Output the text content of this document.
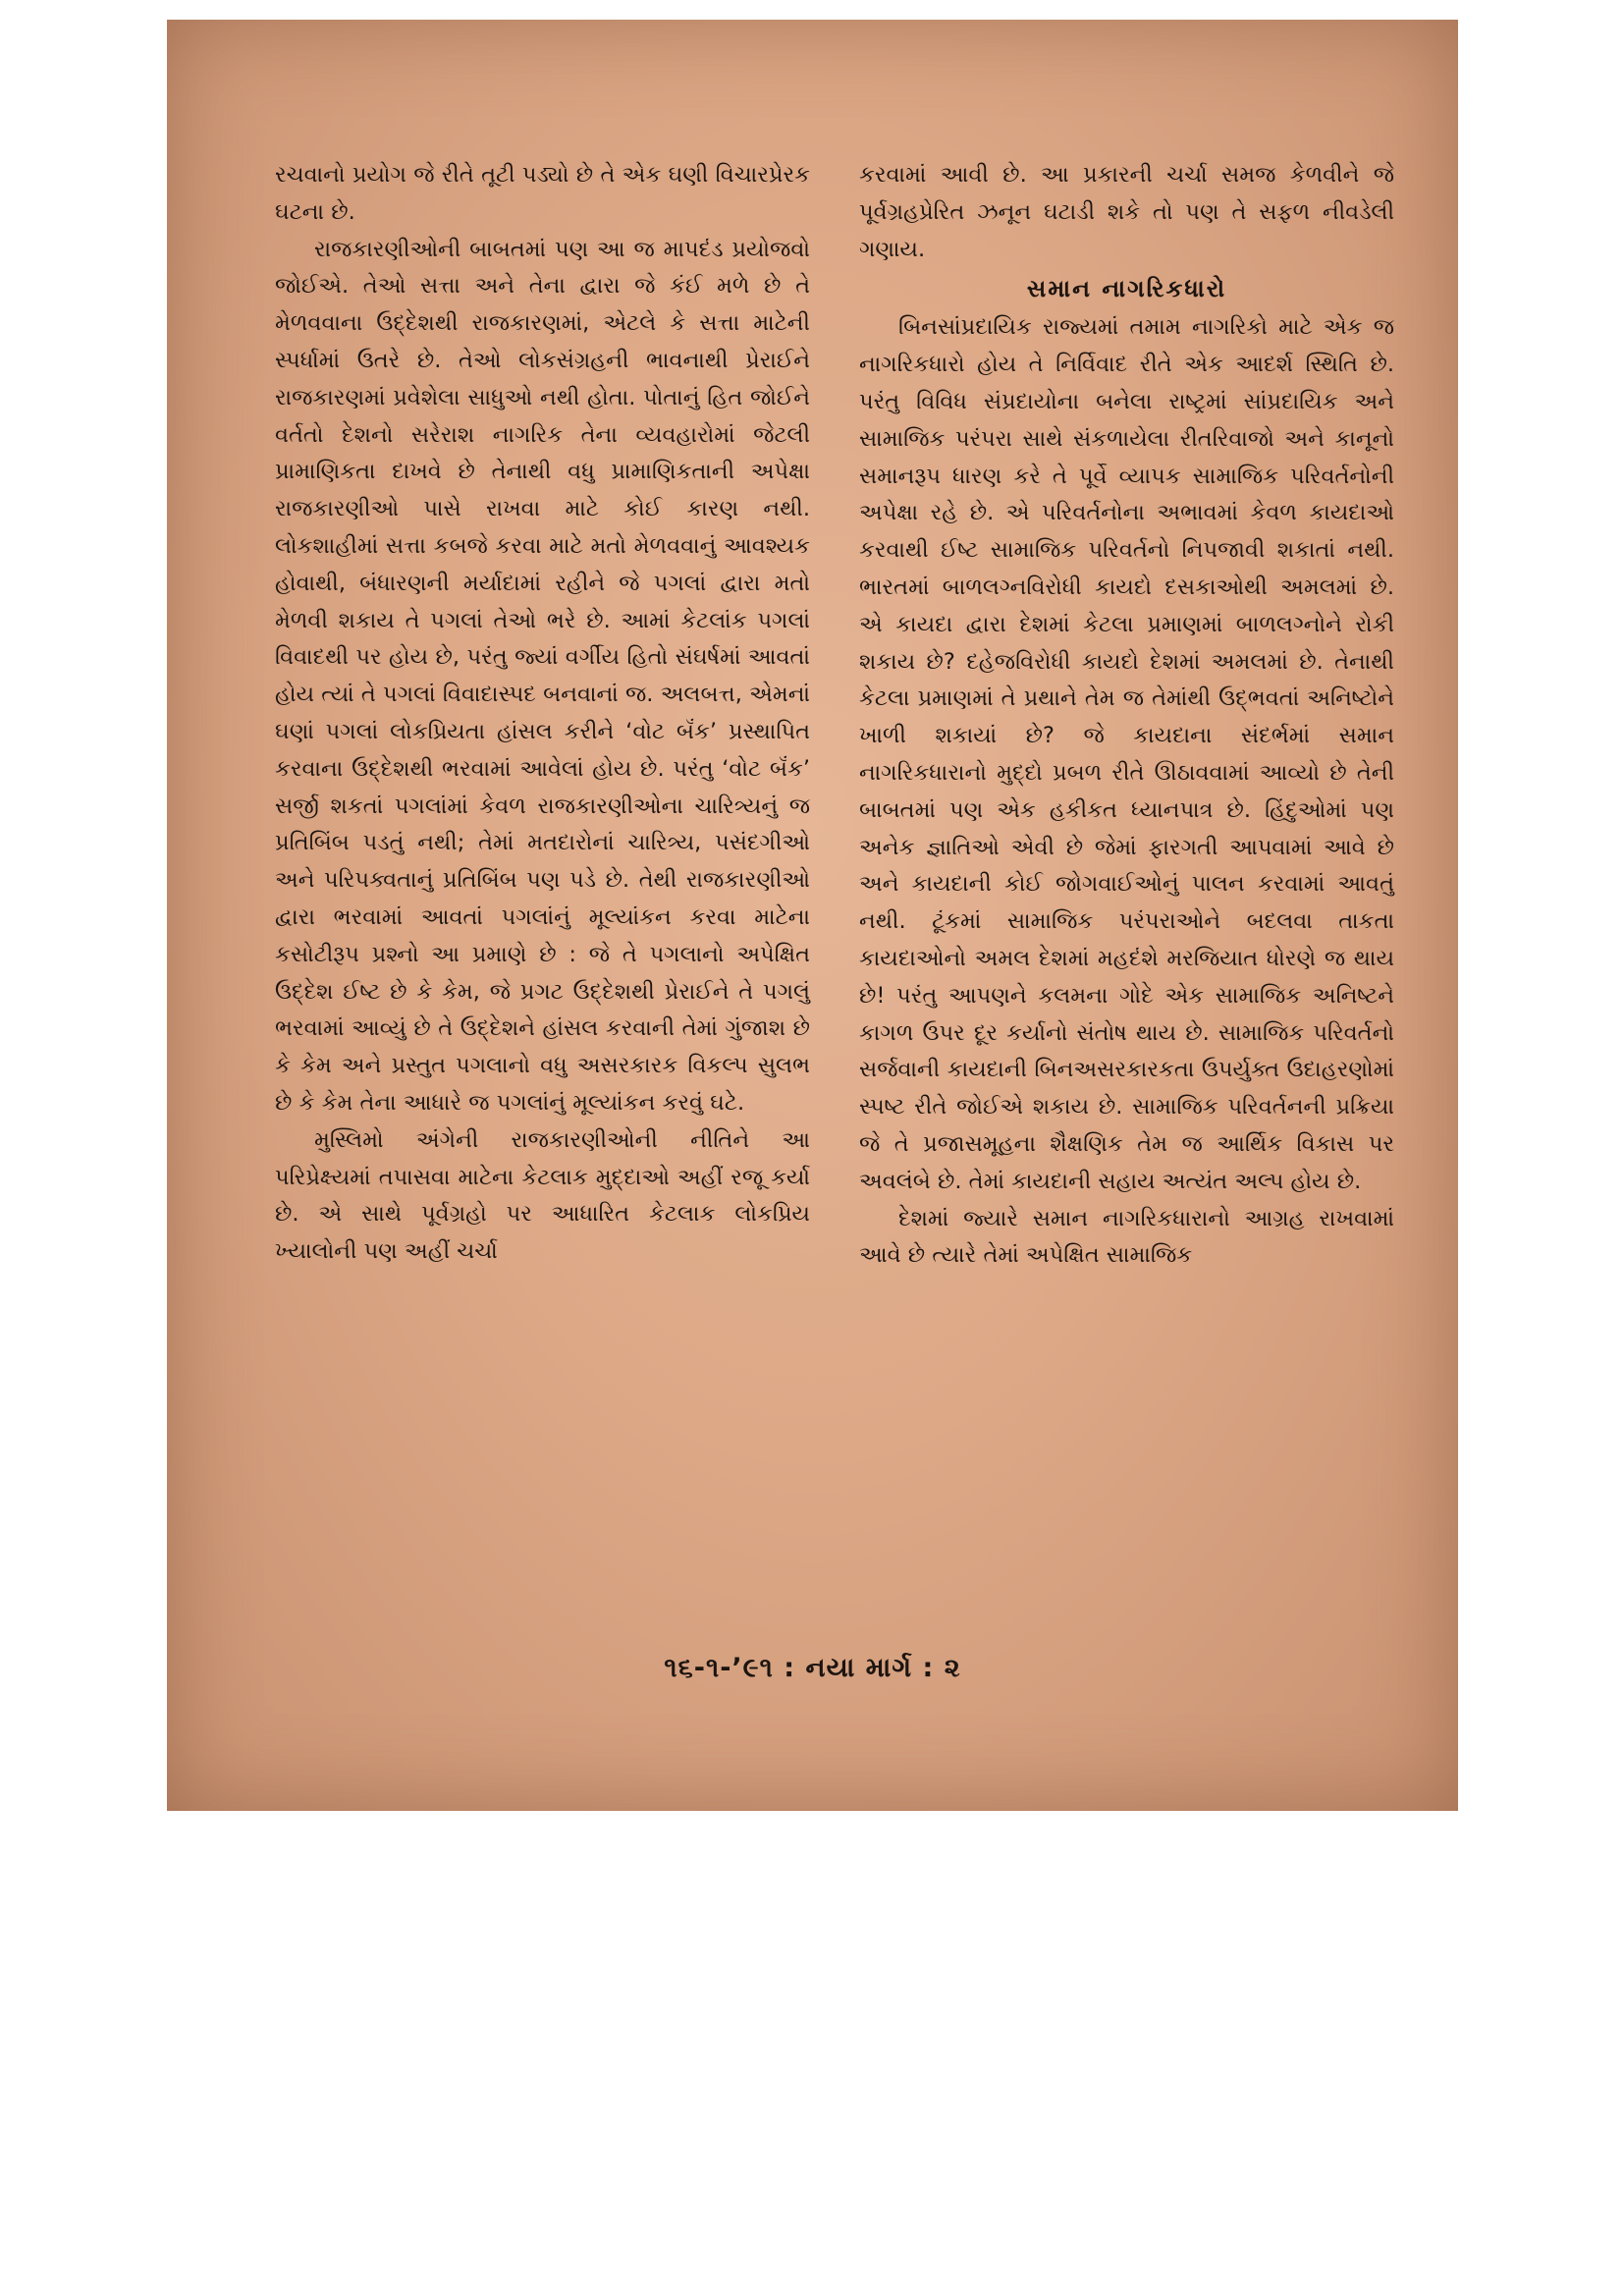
રચવાનો પ્રયોગ જે રીતે તૂટી પડ્યો છે તે એક ઘણી વિચારપ્રેરક ઘટના છે.

રાજકારણીઓની બાબતમાં પણ આ જ માપદંડ પ્રયોજવો જોઈએ. તેઓ સત્તા અને તેના દ્વારા જે કંઈ મળે છે તે મેળવવાના ઉદ્દેશથી રાજકારણમાં, એટલે કે સત્તા માટેની સ્પર્ધામાં ઉતરે છે. તેઓ લોકસંગ્રહની ભાવનાથી પ્રેરાઈને રાજકારણમાં પ્રવેશેલા સાધુઓ નથી હોતા. પોતાનું હિત જોઈને વર્તતો દેશનો સરેરાશ નાગરિક તેના વ્યવહારોમાં જેટલી પ્રામાણિકતા દાખવે છે તેનાથી વધુ પ્રામાણિકતાની અપેક્ષા રાજકારણીઓ પાસે રાખવા માટે કોઈ કારણ નથી. લોકશાહીમાં સત્તા કબજે કરવા માટે મતો મેળવવાનું આવશ્યક હોવાથી, બંધારણની મર્યાદામાં રહીને જે પગલાં દ્વારા મતો મેળવી શકાય તે પગલાં તેઓ ભરે છે. આમાં કેટલાંક પગલાં વિવાદથી પર હોય છે, પરંતુ જ્યાં વર્ગીય હિતો સંઘર્ષમાં આવતાં હોય ત્યાં તે પગલાં વિવાદાસ્પદ બનવાનાં જ. અલબત્ત, એમનાં ઘણાં પગલાં લોકપ્રિયતા હાંસલ કરીને ‘વોટ બૅંક’ પ્રસ્થાપિત કરવાના ઉદ્દેશથી ભરવામાં આવેલાં હોય છે. પરંતુ ‘વોટ બૅંક’ સર્જી શકતાં પગલાંમાં કેવળ રાજકારણીઓના ચારિત્ર્યનું જ પ્રતિબિંબ પડતું નથી; તેમાં મતદારોનાં ચારિત્ર્ય, પસંદગીઓ અને પરિપક્વતાનું પ્રતિબિંબ પણ પડે છે. તેથી રાજકારણીઓ દ્વારા ભરવામાં આવતાં પગલાંનું મૂલ્યાંકન કરવા માટેના કસોટીરૂપ પ્રશ્નો આ પ્રમાણે છે : જે તે પગલાનો અપેક્ષિત ઉદ્દેશ ઈષ્ટ છે કે કેમ, જે પ્રગટ ઉદ્દેશથી પ્રેરાઈને તે પગલું ભરવામાં આવ્યું છે તે ઉદ્દેશને હાંસલ કરવાની તેમાં ગુંજાશ છે કે કેમ અને પ્રસ્તુત પગલાનો વધુ અસરકારક વિકલ્પ સુલભ છે કે કેમ તેના આધારે જ પગલાંનું મૂલ્યાંકન કરવું ઘટે.

મુસ્લિમો અંગેની રાજકારણીઓની નીતિને આ પરિપ્રેક્ષ્યમાં તપાસવા માટેના કેટલાક મુદ્દાઓ અહીં રજૂ કર્યા છે. એ સાથે પૂર્વગ્રહો પર આધારિત કેટલાક લોકપ્રિય ખ્યાલોની પણ અહીં ચર્ચા

કરવામાં આવી છે. આ પ્રકારની ચર્ચા સમજ કેળવીને જે પૂર્વગ્રહપ્રેરિત ઝનૂન ઘટાડી શકે તો પણ તે સફળ નીવડેલી ગણાય.

સમાન નાગરિકધારો

બિનસાંપ્રદાયિક રાજ્યમાં તમામ નાગરિકો માટે એક જ નાગરિકધારો હોય તે નિર્વિવાદ રીતે એક આદર્શ સ્થિતિ છે. પરંતુ વિવિધ સંપ્રદાયોના બનેલા રાષ્ટ્રમાં સાંપ્રદાયિક અને સામાજિક પરંપરા સાથે સંકળાયેલા રીતરિવાજો અને કાનૂનો સમાનરૂપ ધારણ કરે તે પૂર્વે વ્યાપક સામાજિક પરિવર્તનોની અપેક્ષા રહે છે. એ પરિવર્તનોના અભાવમાં કેવળ કાયદાઓ કરવાથી ઈષ્ટ સામાજિક પરિવર્તનો નિપજાવી શકાતાં નથી. ભારતમાં બાળલગ્નવિરોધી કાયદો દસકાઓથી અમલમાં છે. એ કાયદા દ્વારા દેશમાં કેટલા પ્રમાણમાં બાળલગ્નોને રોકી શકાય છે? દહેજવિરોધી કાયદો દેશમાં અમલમાં છે. તેનાથી કેટલા પ્રમાણમાં તે પ્રથાને તેમ જ તેમાંથી ઉદ્ભવતાં અનિષ્ટોને ખાળી શકાયાં છે? જે કાયદાના સંદર્ભમાં સમાન નાગરિકધારાનો મુદ્દો પ્રબળ રીતે ઊઠાવવામાં આવ્યો છે તેની બાબતમાં પણ એક હકીકત ધ્યાનપાત્ર છે. હિંદુઓમાં પણ અનેક જ્ઞાતિઓ એવી છે જેમાં ફારગતી આપવામાં આવે છે અને કાયદાની કોઈ જોગવાઈઓનું પાલન કરવામાં આવતું નથી. ટૂંકમાં સામાજિક પરંપરાઓને બદલવા તાકતા કાયદાઓનો અમલ દેશમાં મહદંશે મરજિયાત ધોરણે જ થાય છે! પરંતુ આપણને કલમના ગોદે એક સામાજિક અનિષ્ટને કાગળ ઉપર દૂર કર્યાનો સંતોષ થાય છે. સામાજિક પરિવર્તનો સર્જવાની કાયદાની બિનઅસરકારકતા ઉપર્યુક્ત ઉદાહરણોમાં સ્પષ્ટ રીતે જોઈએ શકાય છે. સામાજિક પરિવર્તનની પ્રક્રિયા જે તે પ્રજાસમૂહના શૈક્ષણિક તેમ જ આર્થિક વિકાસ પર અવલંબે છે. તેમાં કાયદાની સહાય અત્યંત અલ્પ હોય છે.

દેશમાં જ્યારે સમાન નાગરિકધારાનો આગ્રહ રાખવામાં આવે છે ત્યારે તેમાં અપેક્ષિત સામાજિક

૧૬-૧-’૯૧ : નયા માર્ગ : ૨
